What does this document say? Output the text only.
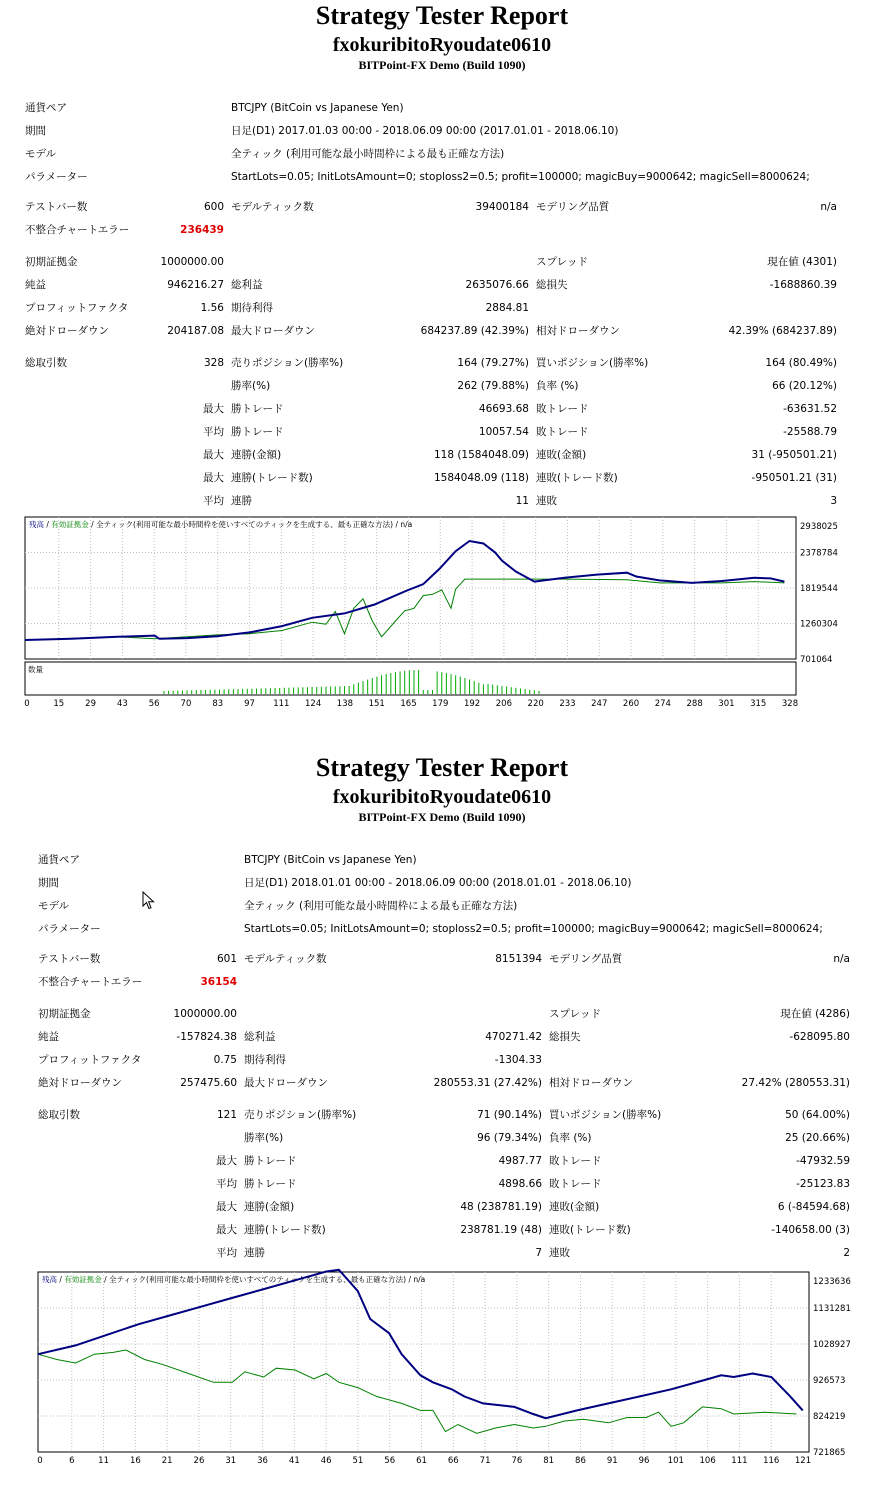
Strategy Tester Report
fxokuribitoRyoudate0610
BITPoint-FX Demo (Build 1090)
通貨ペア	BTCJPY (BitCoin vs Japanese Yen)
期間	日足(D1) 2017.01.03 00:00 - 2018.06.09 00:00 (2017.01.01 - 2018.06.10)
モデル	全ティック (利用可能な最小時間枠による最も正確な方法)
パラメーター	StartLots=0.05; InitLotsAmount=0; stoploss2=0.5; profit=100000; magicBuy=9000642; magicSell=8000624;
テストバー数	600 モデルティック数	39400184 モデリング品質	n/a
不整合チャートエラー	236439
初期証拠金	1000000.00	スプレッド	現在値 (4301)
純益	946216.27 総利益	2635076.66 総損失	-1688860.39
プロフィットファクタ	1.56 期待利得	2884.81
絶対ドローダウン	204187.08 最大ドローダウン	684237.89 (42.39%) 相対ドローダウン	42.39% (684237.89)
総取引数	328 売りポジション(勝率%)	164 (79.27%) 買いポジション(勝率%)	164 (80.49%)
勝率(%)	262 (79.88%) 負率 (%)	66 (20.12%)
最大 勝トレード	46693.68 敗トレード	-63631.52
平均 勝トレード	10057.54 敗トレード	-25588.79
最大 連勝(金額)	118 (1584048.09) 連敗(金額)	31 (-950501.21)
最大 連勝(トレード数)	1584048.09 (118) 連敗(トレード数)	-950501.21 (31)
平均 連勝	11 連敗	3
2938025
2378784
1819544
1260304
701064
0	15 29 43 56 70 83 97 111 124 138 151 165 179 192 206 220 233 247 260 274 288 301 315 328
残高 / 有効証拠金 / 全ティック(利用可能な最小時間枠を使いすべてのティックを生成する、最も正確な方法) / n/a
数量
Strategy Tester Report
fxokuribitoRyoudate0610
BITPoint-FX Demo (Build 1090)
通貨ペア	BTCJPY (BitCoin vs Japanese Yen)
期間	日足(D1) 2018.01.01 00:00 - 2018.06.09 00:00 (2018.01.01 - 2018.06.10)
モデル	全ティック (利用可能な最小時間枠による最も正確な方法)
パラメーター	StartLots=0.05; InitLotsAmount=0; stoploss2=0.5; profit=100000; magicBuy=9000642; magicSell=8000624;
テストバー数	601 モデルティック数	8151394 モデリング品質	n/a
不整合チャートエラー	36154
初期証拠金	1000000.00	スプレッド	現在値 (4286)
純益	-157824.38 総利益	470271.42 総損失	-628095.80
プロフィットファクタ	0.75 期待利得	-1304.33
絶対ドローダウン	257475.60 最大ドローダウン	280553.31 (27.42%) 相対ドローダウン	27.42% (280553.31)
総取引数	121 売りポジション(勝率%)	71 (90.14%) 買いポジション(勝率%)	50 (64.00%)
勝率(%)	96 (79.34%) 負率 (%)	25 (20.66%)
最大 勝トレード	4987.77 敗トレード	-47932.59
平均 勝トレード	4898.66 敗トレード	-25123.83
最大 連勝(金額)	48 (238781.19) 連敗(金額)	6 (-84594.68)
最大 連勝(トレード数)	238781.19 (48) 連敗(トレード数)	-140658.00 (3)
平均 連勝	7 連敗	2
1233636
1131281
1028927
926573
824219
721865
0	6	11 16 21 26 31 36 41 46 51 56 61 66 71 76 81 86 91 96 101 106 111 116 121
残高 / 有効証拠金 / 全ティック(利用可能な最小時間枠を使いすべてのティックを生成する、最も正確な方法) / n/a
